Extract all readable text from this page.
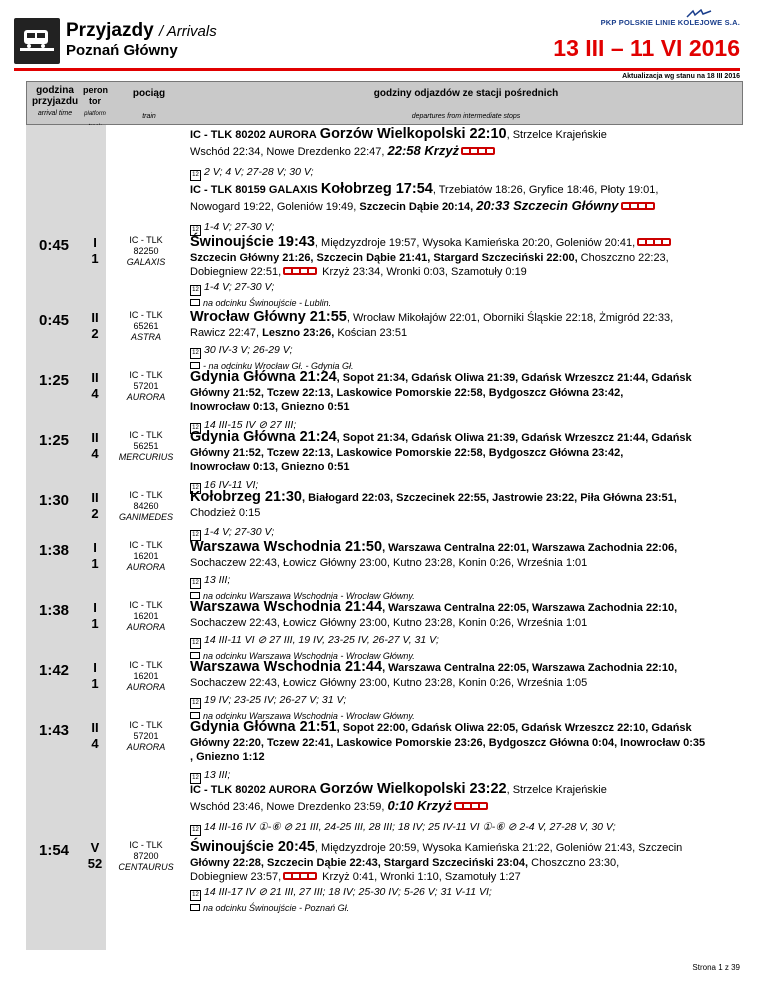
Przyjazdy / Arrivals
Poznań Główny
PKP POLSKIE LINIE KOLEJOWE S.A.
13 III – 11 VI 2016
Aktualizacja wg stanu na 18 III 2016
godzina przyjazdu
arrival time
peron tor
platform
pociąg

train
godziny odjazdów ze stacji pośrednich

departures from intermediate stops
IC - TLK 80202 AURORA Gorzów Wielkopolski 22:10, Strzelce Krajeńskie
Wschód 22:34, Nowe Drezdenko 22:47, 22:58 Krzyż
12 2 V; 4 V; 27-28 V; 30 V;
IC - TLK 80159 GALAXIS Kołobrzeg 17:54, Trzebiatów 18:26, Gryfice 18:46, Płoty 19:01,
Nowogard 19:22, Goleniów 19:49, Szczecin Dąbie 20:14, 20:33 Szczecin Główny
12 1-4 V; 27-30 V;
0:45	I
1
IC - TLK
82250
GALAXIS
Świnoujście 19:43, Międzyzdroje 19:57, Wysoka Kamieńska 20:20, Goleniów 20:41,
Szczecin Główny 21:26, Szczecin Dąbie 21:41, Stargard Szczeciński 22:00, Choszczno 22:23,
Dobiegniew 22:51,	Krzyż 23:34, Wronki 0:03, Szamotuły 0:19
12 1-4 V; 27-30 V;
na odcinku Świnoujście - Lublin.
0:45	II
2
IC - TLK
65261
ASTRA
Wrocław Główny 21:55, Wrocław Mikołajów 22:01, Oborniki Śląskie 22:18, Żmigród 22:33,
Rawicz 22:47, Leszno 23:26, Kościan 23:51
12 30 IV-3 V; 26-29 V;
- na odcinku Wrocław Gł. - Gdynia Gł.
1:25	II
4
IC - TLK
57201
AURORA
Gdynia Główna 21:24, Sopot 21:34, Gdańsk Oliwa 21:39, Gdańsk Wrzeszcz 21:44, Gdańsk
Główny 21:52, Tczew 22:13, Laskowice Pomorskie 22:58, Bydgoszcz Główna 23:42,
Inowrocław 0:13, Gniezno 0:51
12 14 III-15 IV ⊘ 27 III;
1:25	II
4
IC - TLK
56251
MERCURIUS
Gdynia Główna 21:24, Sopot 21:34, Gdańsk Oliwa 21:39, Gdańsk Wrzeszcz 21:44, Gdańsk
Główny 21:52, Tczew 22:13, Laskowice Pomorskie 22:58, Bydgoszcz Główna 23:42,
Inowrocław 0:13, Gniezno 0:51
12 16 IV-11 VI;
1:30	II
2
IC - TLK
84260
GANIMEDES
Kołobrzeg 21:30, Białogard 22:03, Szczecinek 22:55, Jastrowie 23:22, Piła Główna 23:51,
Chodzież 0:15
12 1-4 V; 27-30 V;
1:38	I
1
IC - TLK
16201
AURORA
Warszawa Wschodnia 21:50, Warszawa Centralna 22:01, Warszawa Zachodnia 22:06,
Sochaczew 22:43, Łowicz Główny 23:00, Kutno 23:28, Konin 0:26, Września 1:01
12 13 III;
na odcinku Warszawa Wschodnia - Wrocław Główny.
1:38	I
1
IC - TLK
16201
AURORA
Warszawa Wschodnia 21:44, Warszawa Centralna 22:05, Warszawa Zachodnia 22:10,
Sochaczew 22:43, Łowicz Główny 23:00, Kutno 23:28, Konin 0:26, Września 1:01
12 14 III-11 VI ⊘ 27 III, 19 IV, 23-25 IV, 26-27 V, 31 V;
na odcinku Warszawa Wschodnia - Wrocław Główny.
1:42	I
1
IC - TLK
16201
AURORA
Warszawa Wschodnia 21:44, Warszawa Centralna 22:05, Warszawa Zachodnia 22:10,
Sochaczew 22:43, Łowicz Główny 23:00, Kutno 23:28, Konin 0:26, Września 1:05
12 19 IV; 23-25 IV; 26-27 V; 31 V;
na odcinku Warszawa Wschodnia - Wrocław Główny.
1:43	II
4
IC - TLK
57201
AURORA
Gdynia Główna 21:51, Sopot 22:00, Gdańsk Oliwa 22:05, Gdańsk Wrzeszcz 22:10, Gdańsk
Główny 22:20, Tczew 22:41, Laskowice Pomorskie 23:26, Bydgoszcz Główna 0:04, Inowrocław 0:35
, Gniezno 1:12
12 13 III;
IC - TLK 80202 AURORA Gorzów Wielkopolski 23:22, Strzelce Krajeńskie
Wschód 23:46, Nowe Drezdenko 23:59, 0:10 Krzyż
12 14 III-16 IV ①-⑥ ⊘ 21 III, 24-25 III, 28 III; 18 IV; 25 IV-11 VI ①-⑥ ⊘ 2-4 V, 27-28 V, 30 V;
1:54	V
52
IC - TLK
87200
CENTAURUS
Świnoujście 20:45, Międzyzdroje 20:59, Wysoka Kamieńska 21:22, Goleniów 21:43, Szczecin
Główny 22:28, Szczecin Dąbie 22:43, Stargard Szczeciński 23:04, Choszczno 23:30,
Dobiegniew 23:57,	Krzyż 0:41, Wronki 1:10, Szamotuły 1:27
12 14 III-17 IV ⊘ 21 III, 27 III; 18 IV; 25-30 IV; 5-26 V; 31 V-11 VI;
na odcinku Świnoujście - Poznań Gł.
Strona 1 z 39
